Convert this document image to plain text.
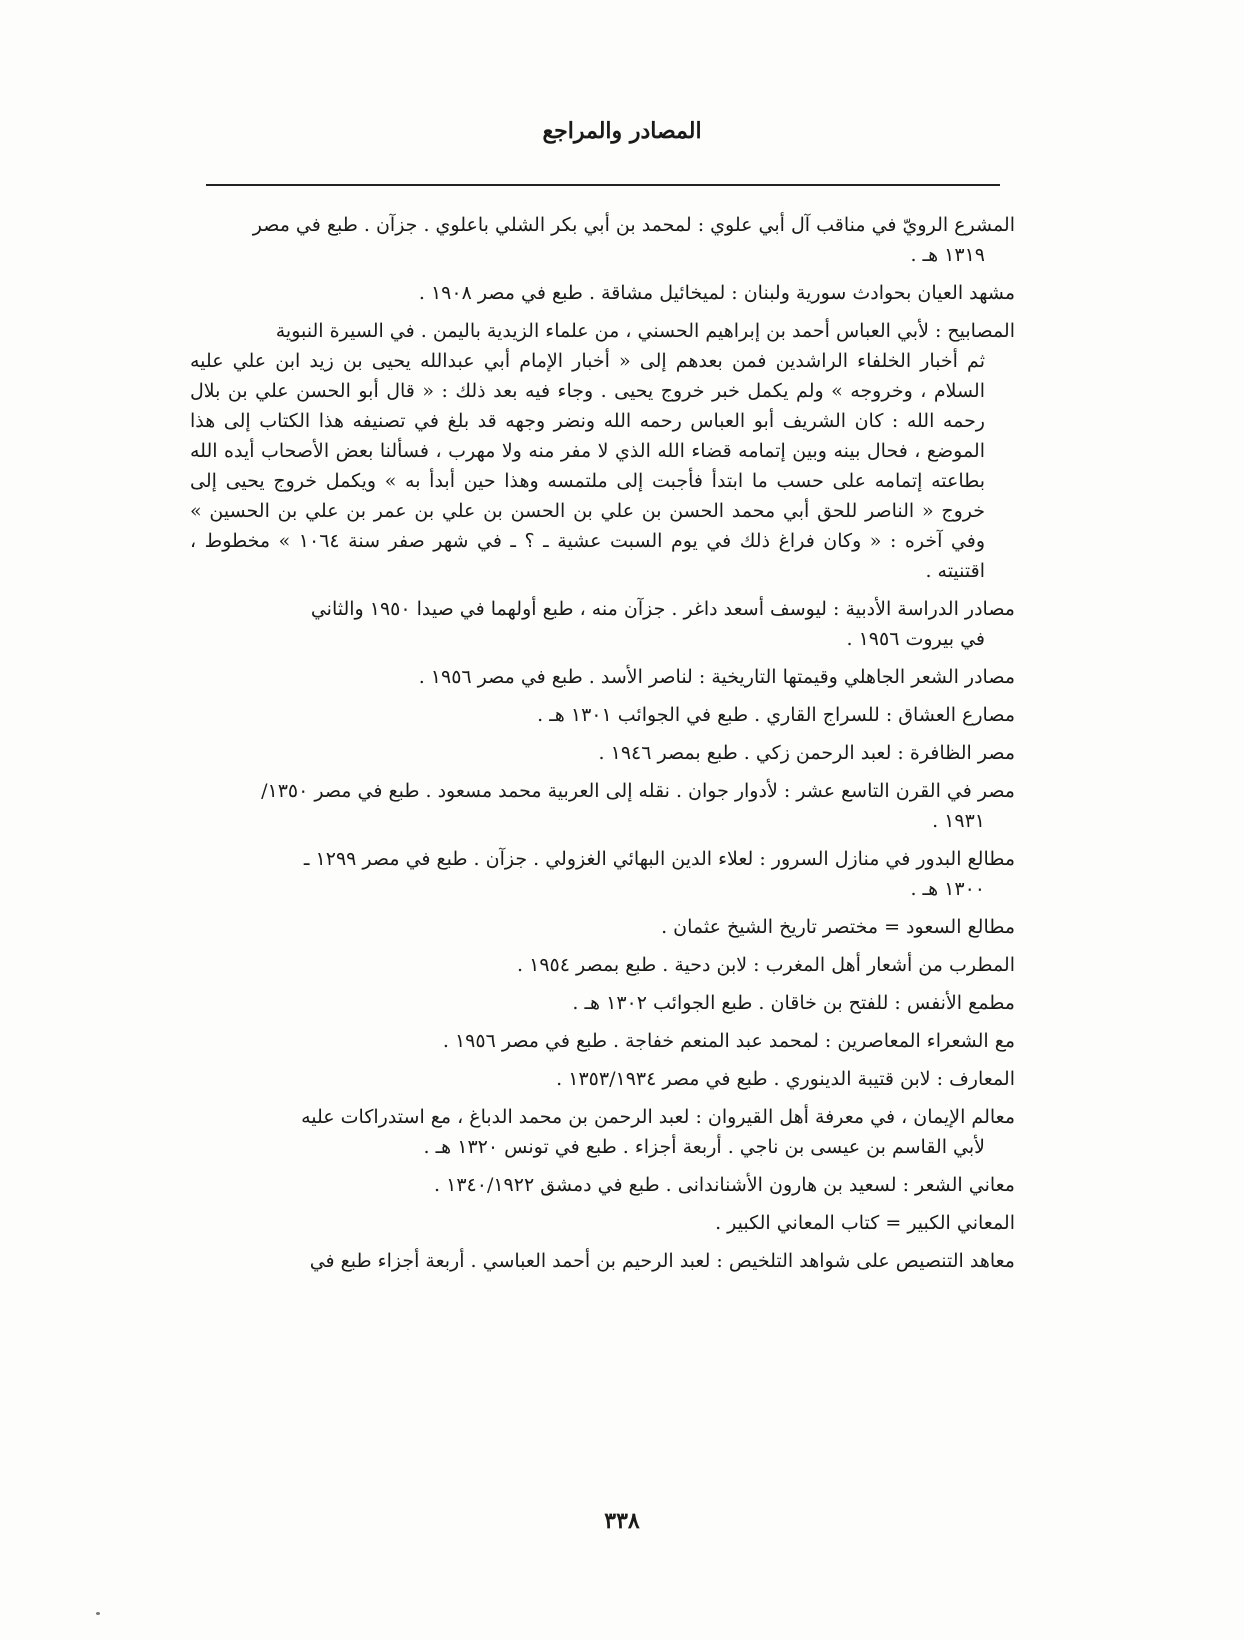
المصادر والمراجع
المشرع الرويّ في مناقب آل أبي علوي : لمحمد بن أبي بكر الشلي باعلوي . جزآن . طبع في مصر
١٣١٩ هـ .
مشهد العيان بحوادث سورية ولبنان : لميخائيل مشاقة . طبع في مصر ١٩٠٨ .
المصابيح : لأبي العباس أحمد بن إبراهيم الحسني ، من علماء الزيدية باليمن . في السيرة النبوية
ثم أخبار الخلفاء الراشدين فمن بعدهم إلى « أخبار الإمام أبي عبدالله يحيى بن زيد ابن علي عليه السلام ، وخروجه » ولم يكمل خبر خروج يحيى . وجاء فيه بعد ذلك : « قال أبو الحسن علي بن بلال رحمه الله : كان الشريف أبو العباس رحمه الله ونضر وجهه قد بلغ في تصنيفه هذا الكتاب إلى هذا الموضع ، فحال بينه وبين إتمامه قضاء الله الذي لا مفر منه ولا مهرب ، فسألنا بعض الأصحاب أيده الله بطاعته إتمامه على حسب ما ابتدأ فأجبت إلى ملتمسه وهذا حين أبدأ به » ويكمل خروج يحيى إلى خروج « الناصر للحق أبي محمد الحسن بن علي بن الحسن بن علي بن عمر بن علي بن الحسين » وفي آخره : « وكان فراغ ذلك في يوم السبت عشية ـ ؟ ـ في شهر صفر سنة ١٠٦٤ » مخطوط ، اقتنيته .
مصادر الدراسة الأدبية : ليوسف أسعد داغر . جزآن منه ، طبع أولهما في صيدا ١٩٥٠ والثاني
في بيروت ١٩٥٦ .
مصادر الشعر الجاهلي وقيمتها التاريخية : لناصر الأسد . طبع في مصر ١٩٥٦ .
مصارع العشاق : للسراج القاري . طبع في الجوائب ١٣٠١ هـ .
مصر الظافرة : لعبد الرحمن زكي . طبع بمصر ١٩٤٦ .
مصر في القرن التاسع عشر : لأدوار جوان . نقله إلى العربية محمد مسعود . طبع في مصر ١٣٥٠/
١٩٣١ .
مطالع البدور في منازل السرور : لعلاء الدين البهائي الغزولي . جزآن . طبع في مصر ١٢٩٩ ـ
١٣٠٠ هـ .
مطالع السعود = مختصر تاريخ الشيخ عثمان .
المطرب من أشعار أهل المغرب : لابن دحية . طبع بمصر ١٩٥٤ .
مطمع الأنفس : للفتح بن خاقان . طبع الجوائب ١٣٠٢ هـ .
مع الشعراء المعاصرين : لمحمد عبد المنعم خفاجة . طبع في مصر ١٩٥٦ .
المعارف : لابن قتيبة الدينوري . طبع في مصر ١٣٥٣/١٩٣٤ .
معالم الإيمان ، في معرفة أهل القيروان : لعبد الرحمن بن محمد الدباغ ، مع استدراكات عليه
لأبي القاسم بن عيسى بن ناجي . أربعة أجزاء . طبع في تونس ١٣٢٠ هـ .
معاني الشعر : لسعيد بن هارون الأشناندانى . طبع في دمشق ١٣٤٠/١٩٢٢ .
المعاني الكبير = كتاب المعاني الكبير .
معاهد التنصيص على شواهد التلخيص : لعبد الرحيم بن أحمد العباسي . أربعة أجزاء طبع في
٣٣٨
